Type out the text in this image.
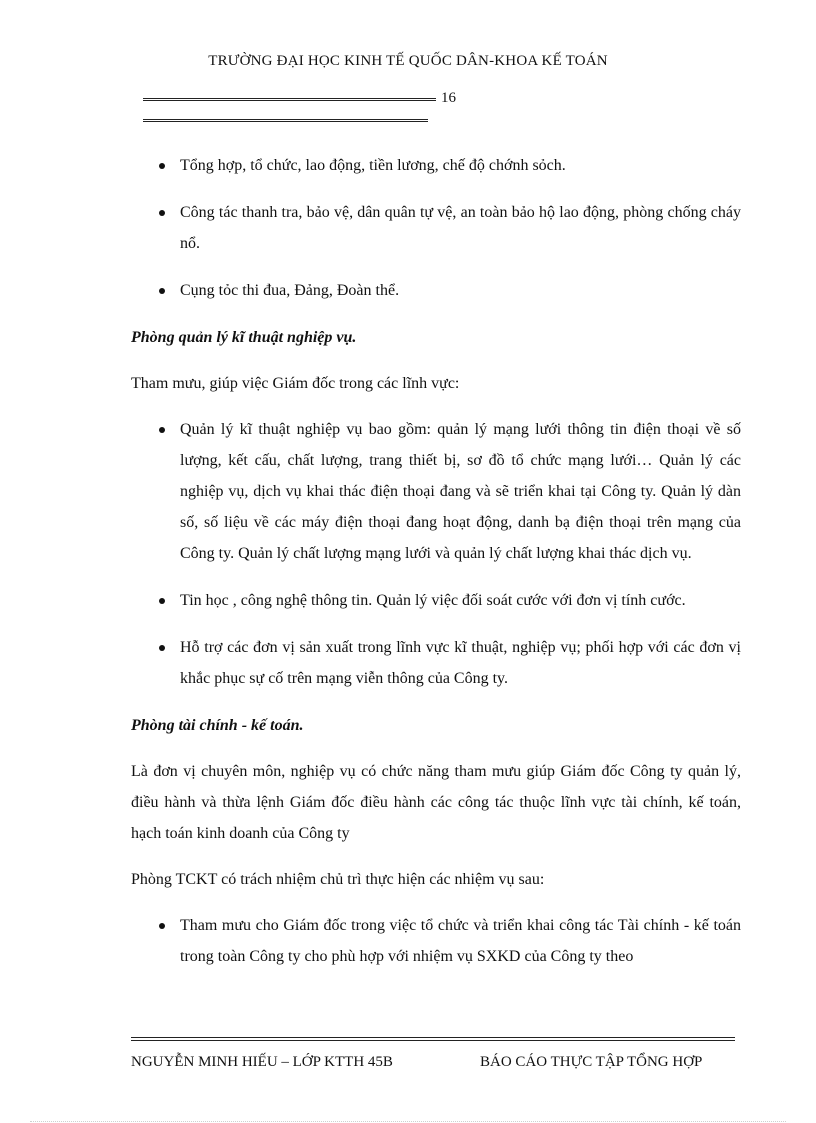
TRƯỜNG ĐẠI HỌC KINH TẾ QUỐC DÂN-KHOA KẾ TOÁN
16
Tổng hợp, tổ chức, lao động, tiền lương, chế độ chớnh sỏch.
Công tác thanh tra, bảo vệ, dân quân tự vệ, an toàn bảo hộ lao động, phòng chống cháy nổ.
Cụng tỏc thi đua, Đảng, Đoàn thể.
Phòng quản lý kĩ thuật nghiệp vụ.
Tham mưu, giúp việc Giám đốc trong các lĩnh vực:
Quản lý kĩ thuật nghiệp vụ bao gồm: quản lý mạng lưới thông tin điện thoại về số lượng, kết cấu, chất lượng, trang thiết bị, sơ đồ tổ chức mạng lưới… Quản lý các nghiệp vụ, dịch vụ khai thác điện thoại đang và sẽ triển khai tại Công ty. Quản lý dàn số, số liệu về các máy điện thoại đang hoạt động, danh bạ điện thoại trên mạng của Công ty. Quản lý chất lượng mạng lưới và quản lý chất lượng khai thác dịch vụ.
Tin học , công nghệ thông tin. Quản lý việc đối soát cước với đơn vị tính cước.
Hỗ trợ các đơn vị sản xuất trong lĩnh vực kĩ thuật, nghiệp vụ; phối hợp với các đơn vị khắc phục sự cố trên mạng viễn thông của Công ty.
Phòng tài chính - kế toán.
Là đơn vị chuyên môn, nghiệp vụ có chức năng tham mưu giúp Giám đốc Công ty quản lý, điều hành và thừa lệnh Giám đốc điều hành các công tác thuộc lĩnh vực tài chính, kế toán, hạch toán kinh doanh của Công ty
Phòng TCKT có trách nhiệm chủ trì thực hiện các nhiệm vụ sau:
Tham mưu cho Giám đốc trong việc tổ chức và triển khai công tác Tài chính - kế toán trong toàn Công ty cho phù hợp với nhiệm vụ SXKD của Công ty theo
NGUYỄN MINH HIẾU – LỚP KTTH 45B	BÁO CÁO THỰC TẬP TỔNG HỢP
